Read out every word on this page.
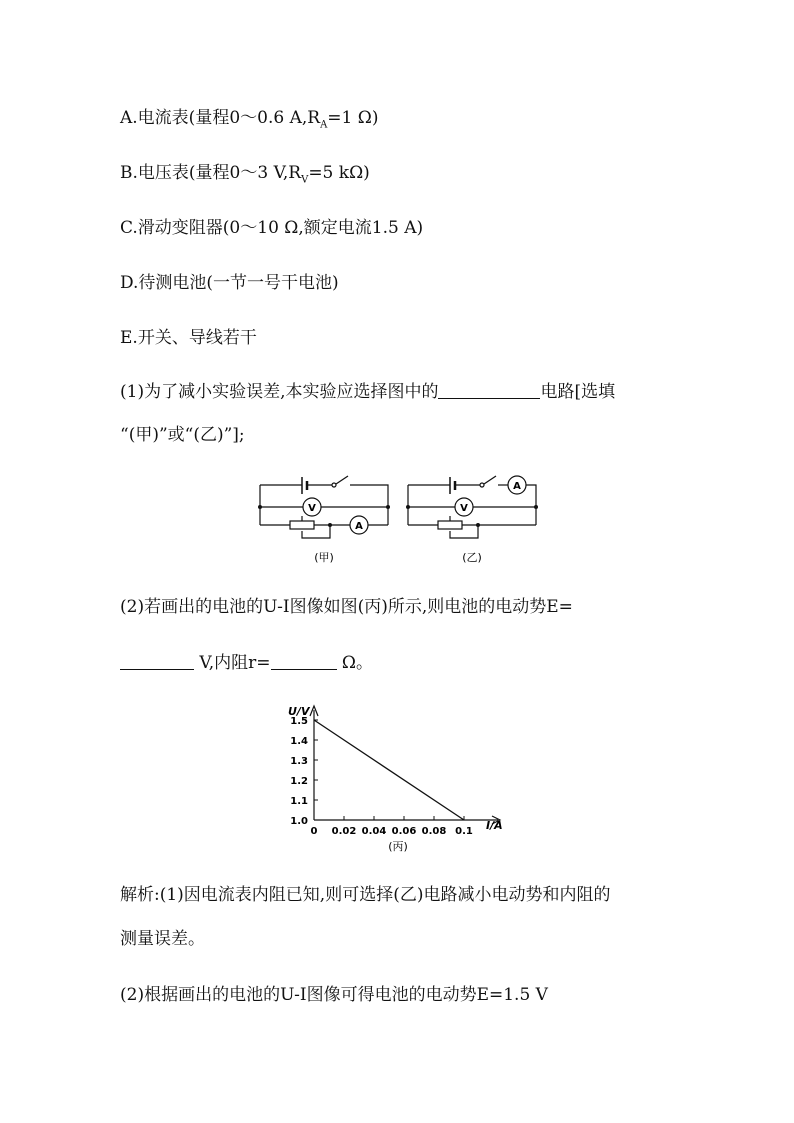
A.电流表(量程0～0.6 $A,R_A=1$ Ω)
B.电压表(量程0～3 $V,R_V=5$ kΩ)
C.滑动变阻器(0～10 Ω,额定电流1.5 A)
D.待测电池(一节一号干电池)
E.开关、导线若干
(1)为了减小实验误差,本实验应选择图中的	电路[选填
“(甲)”或“(乙)”];
V
A
(甲)
V
A
(乙)
(2)若画出的电池的U-I图像如图(丙)所示,则电池的电动势E=
V,内阻r=	Ω。
U/V
I/A
1.5
1.4
1.3
1.2
1.1
1.0
0 0.02 0.04 0.06 0.08 0.1
(丙)
解析:(1)因电流表内阻已知,则可选择(乙)电路减小电动势和内阻的
测量误差。
(2)根据画出的电池的U-I图像可得电池的电动势E=1.5 V
